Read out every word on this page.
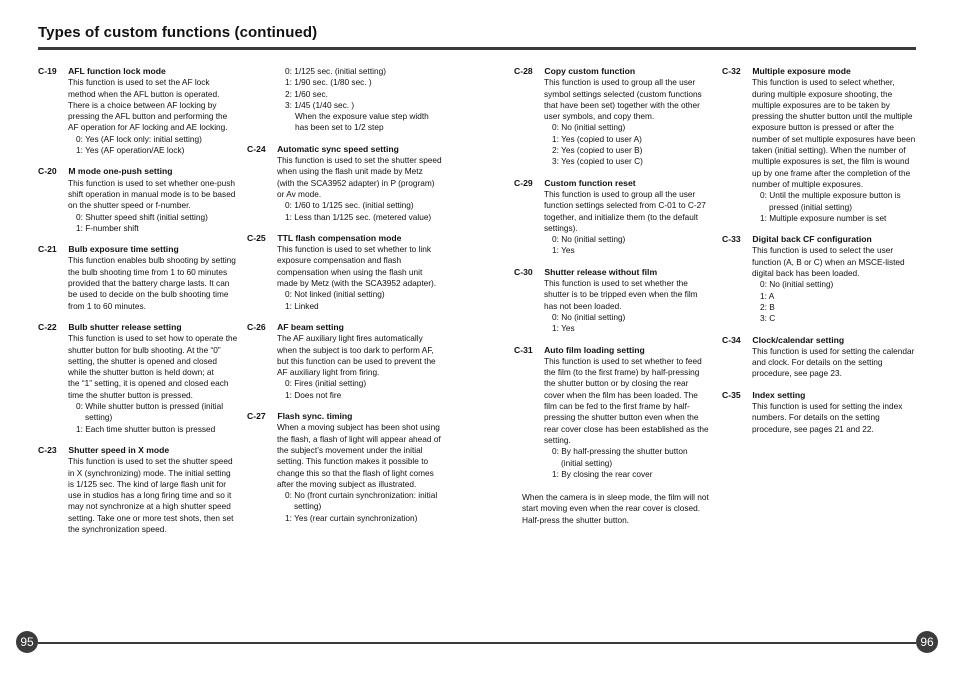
Types of custom functions (continued)

C-19 AFL function lock mode

This function is used to set the AF lock method when the AFL button is operated.

There is a choice between AF locking by pressing the AFL button and performing the AF operation for AF locking and AE locking.

0: Yes (AF lock only: initial setting)

1: Yes (AF operation/AE lock)

C-20 M mode one-push setting

This function is used to set whether one-push shift operation in manual mode is to be based on the shutter speed or f-number.

0: Shutter speed shift (initial setting)

1: F-number shift

C-21 Bulb exposure time setting

This function enables bulb shooting by setting the bulb shooting time from 1 to 60 minutes provided that the battery charge lasts. It can be used to decide on the bulb shooting time from 1 to 60 minutes.

C-22 Bulb shutter release setting

This function is used to set how to operate the shutter button for bulb shooting. At the “0” setting, the shutter is opened and closed while the shutter button is held down; at

the “1” setting, it is opened and closed each time the shutter button is pressed.

0: While shutter button is pressed (initial setting)

1: Each time shutter button is pressed

C-23 Shutter speed in X mode

This function is used to set the shutter speed in X (synchronizing) mode. The initial setting is 1/125 sec. The kind of large flash unit for use in studios has a long firing time and so it may not synchronize at a high shutter speed setting. Take one or more test shots, then set the synchronization speed.

0: 1/125 sec. (initial setting)

1: 1/90 sec. (1/80 sec. )

2: 1/60 sec.

3: 1/45 (1/40 sec. )

When the exposure value step width has been set to 1/2 step

C-24 Automatic sync speed setting

This function is used to set the shutter speed when using the flash unit made by Metz (with the SCA3952 adapter) in P (program) or Av mode.

0: 1/60 to 1/125 sec. (initial setting)

1: Less than 1/125 sec. (metered value)

C-25 TTL flash compensation mode

This function is used to set whether to link exposure compensation and flash compensation when using the flash unit made by Metz (with the SCA3952 adapter).

0: Not linked (initial setting)

1: Linked

C-26 AF beam setting

The AF auxiliary light fires automatically when the subject is too dark to perform AF, but this function can be used to prevent the AF auxiliary light from firing.

0: Fires (initial setting)

1: Does not fire

C-27 Flash sync. timing

When a moving subject has been shot using the flash, a flash of light will appear ahead of the subject’s movement under the initial setting. This function makes it possible to change this so that the flash of light comes after the moving subject as illustrated.

0: No (front curtain synchronization: initial setting)

1: Yes (rear curtain synchronization)

C-28 Copy custom function

This function is used to group all the user symbol settings selected (custom functions that have been set) together with the other user symbols, and copy them.

0: No (initial setting)

1: Yes (copied to user A)

2: Yes (copied to user B)

3: Yes (copied to user C)

C-29 Custom function reset

This function is used to group all the user function settings selected from C-01 to C-27 together, and initialize them (to the default settings).

0: No (initial setting)

1: Yes

C-30 Shutter release without film

This function is used to set whether the shutter is to be tripped even when the film has not been loaded.

0: No (initial setting)

1: Yes

C-31 Auto film loading setting

This function is used to set whether to feed the film (to the first frame) by half-pressing the shutter button or by closing the rear cover when the film has been loaded. The film can be fed to the first frame by half-pressing the shutter button even when the rear cover close has been established as the setting.

0: By half-pressing the shutter button (initial setting)

1: By closing the rear cover

When the camera is in sleep mode, the film will not start moving even when the rear cover is closed. Half-press the shutter button.

C-32 Multiple exposure mode

This function is used to select whether, during multiple exposure shooting, the multiple exposures are to be taken by pressing the shutter button until the multiple exposure button is pressed or after the number of set multiple exposures have been taken (initial setting). When the number of multiple exposures is set, the film is wound up by one frame after the completion of the number of multiple exposures.

0: Until the multiple exposure button is pressed (initial setting)

1: Multiple exposure number is set

C-33 Digital back CF configuration

This function is used to select the user function (A, B or C) when an MSCE-listed digital back has been loaded.

0: No (initial setting)

1: A

2: B

3: C

C-34 Clock/calendar setting

This function is used for setting the calendar and clock. For details on the setting procedure, see page 23.

C-35 Index setting

This function is used for setting the index numbers. For details on the setting procedure, see pages 21 and 22.

95	96
